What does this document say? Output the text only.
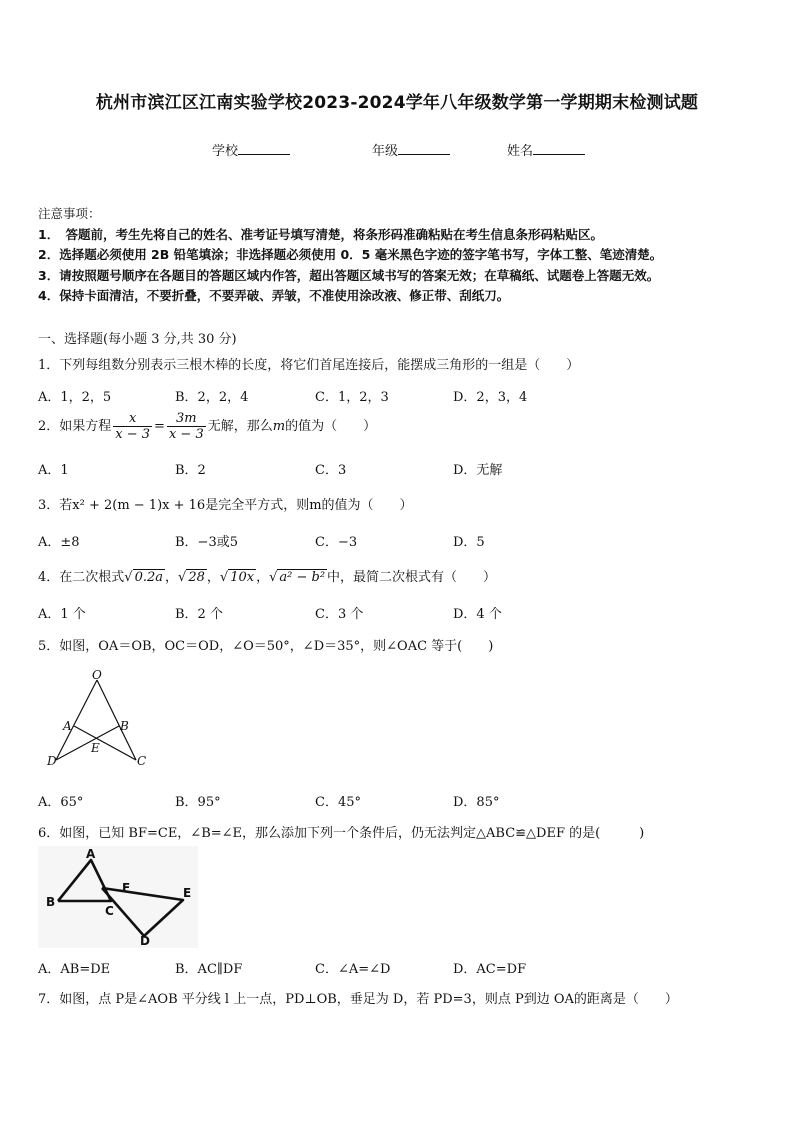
杭州市滨江区江南实验学校2023-2024学年八年级数学第一学期期末检测试题
学校	年级	姓名
注意事项：
1．　答题前，考生先将自己的姓名、准考证号填写清楚，将条形码准确粘贴在考生信息条形码粘贴区。
2．选择题必须使用 2B 铅笔填涂；非选择题必须使用 0．5 毫米黑色字迹的签字笔书写，字体工整、笔迹清楚。
3．请按照题号顺序在各题目的答题区域内作答，超出答题区域书写的答案无效；在草稿纸、试题卷上答题无效。
4．保持卡面清洁，不要折叠，不要弄破、弄皱，不准使用涂改液、修正带、刮纸刀。
一、选择题(每小题 3 分,共 30 分)
1．下列每组数分别表示三根木棒的长度，将它们首尾连接后，能摆成三角形的一组是（　　）
A．1，2，5	B．2，2，4	C．1，2，3	D．2，3，4
2．如果方程 $\frac{x}{x - 3} = \frac{3m}{x - 3}$ 无解，那么m的值为（　　）
A．1	B．2	C．3	D．无解
3．若x² + 2(m − 1)x + 16是完全平方式，则m的值为（　　）
A．±8	B．−3或5	C．−3	D．5
4．在二次根式√ 0.2a ，√ 28 ，√ 10x ，√ a² − b² 中，最简二次根式有（　　）
A．1 个	B．2 个	C．3 个	D．4 个
5．如图，OA＝OB，OC＝OD，∠O＝50°，∠D＝35°，则∠OAC 等于(　　)
O
A	B
E
D	C
A．65°	B．95°	C．45°	D．85°
6．如图，已知 BF=CE，∠B=∠E，那么添加下列一个条件后，仍无法判定△ABC≌△DEF 的是(　　　)
A
B
C
F	E
D
A．AB=DE	B．AC∥DF	C．∠A=∠D	D．AC=DF
7．如图，点 P是∠AOB 平分线 l 上一点，PD⊥OB，垂足为 D，若 PD=3，则点 P到边 OA的距离是（　　）
